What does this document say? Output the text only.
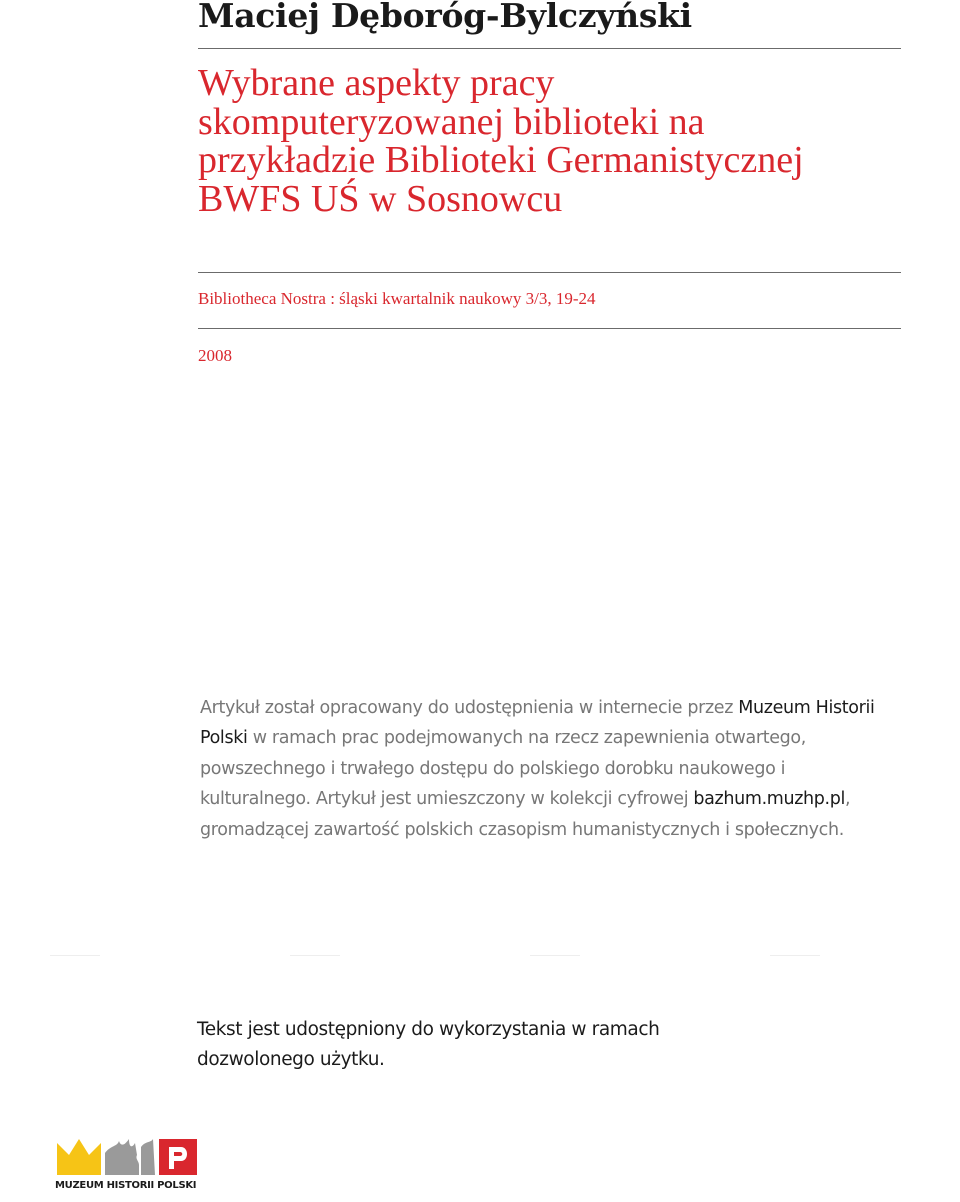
Maciej Dęboróg-Bylczyński
Wybrane aspekty pracy skomputeryzowanej biblioteki na przykładzie Biblioteki Germanistycznej BWFS UŚ w Sosnowcu
Bibliotheca Nostra : śląski kwartalnik naukowy 3/3, 19-24
2008
Artykuł został opracowany do udostępnienia w internecie przez Muzeum Historii Polski w ramach prac podejmowanych na rzecz zapewnienia otwartego, powszechnego i trwałego dostępu do polskiego dorobku naukowego i kulturalnego. Artykuł jest umieszczony w kolekcji cyfrowej bazhum.muzhp.pl, gromadzącej zawartość polskich czasopism humanistycznych i społecznych.
Tekst jest udostępniony do wykorzystania w ramach dozwolonego użytku.
MUZEUM HISTORII POLSKI
